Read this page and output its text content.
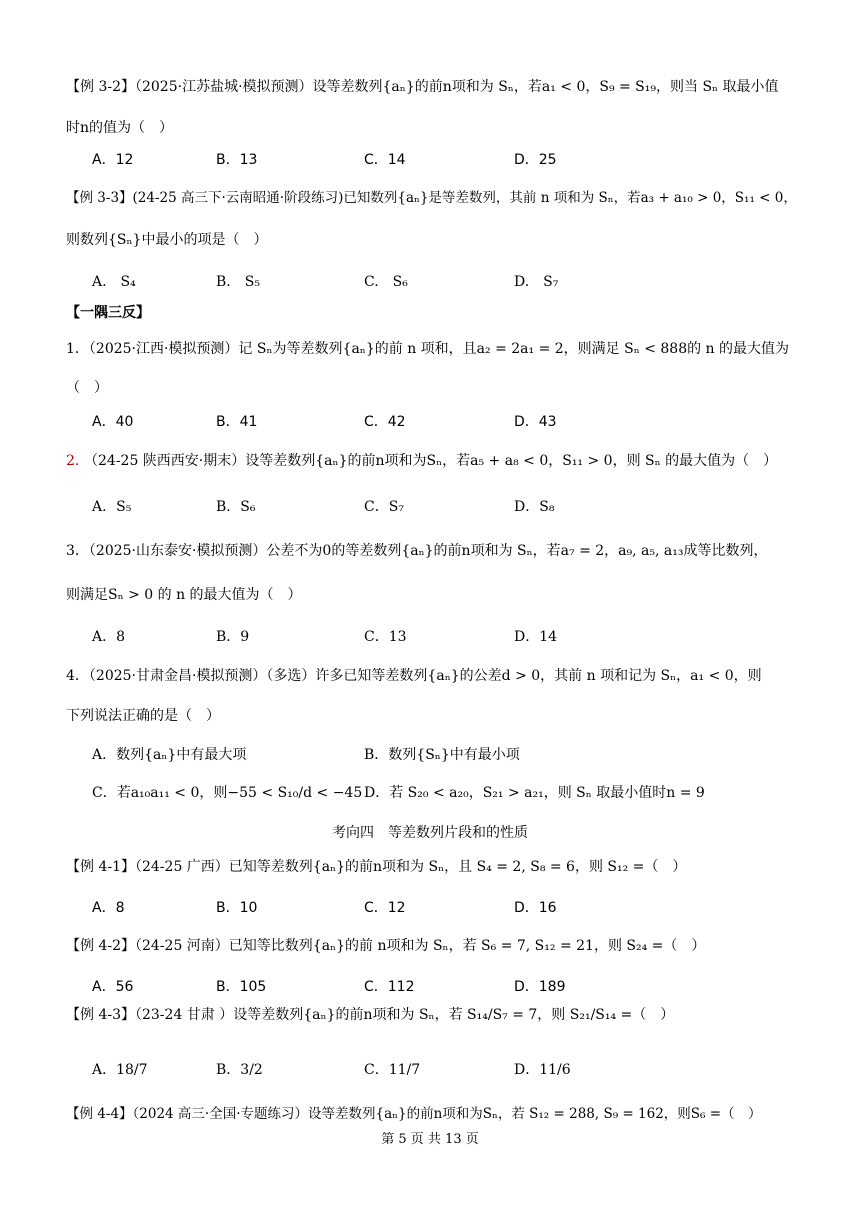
【例 3-2】（2025·江苏盐城·模拟预测）设等差数列{aₙ}的前n项和为 Sₙ，若a₁ < 0，S₉ = S₁₉，则当 Sₙ 取最小值
时n的值为（　）
A．12	B．13	C．14	D．25
【例 3-3】(24-25 高三下·云南昭通·阶段练习)已知数列{aₙ}是等差数列，其前 n 项和为 Sₙ，若a₃ + a₁₀ > 0，S₁₁ < 0，
则数列{Sₙ}中最小的项是（　）
A.　S₄	B.　S₅	C.　S₆	D.　S₇
【一隅三反】
1．（2025·江西·模拟预测）记 Sₙ为等差数列{aₙ}的前 n 项和，且a₂ = 2a₁ = 2，则满足 Sₙ < 888的 n 的最大值为
（　）
A．40	B．41	C．42	D．43
2. （24-25 陕西西安·期末）设等差数列{aₙ}的前n项和为Sₙ，若a₅ + a₈ < 0，S₁₁ > 0，则 Sₙ 的最大值为（　）
A．S₅	B．S₆	C．S₇	D．S₈
3．（2025·山东泰安·模拟预测）公差不为0的等差数列{aₙ}的前n项和为 Sₙ，若a₇ = 2，a₉, a₅, a₁₃成等比数列，
则满足Sₙ > 0 的 n 的最大值为（　）
A．8	B．9	C．13	D．14
4．（2025·甘肃金昌·模拟预测）（多选）许多已知等差数列{aₙ}的公差d > 0，其前 n 项和记为 Sₙ，a₁ < 0，则
下列说法正确的是（　）
A．数列{aₙ}中有最大项	B．数列{Sₙ}中有最小项
C．若a₁₀a₁₁ < 0，则−55 < S₁₀/d < −45 D．若 S₂₀ < a₂₀，S₂₁ > a₂₁，则 Sₙ 取最小值时n = 9
考向四　等差数列片段和的性质
【例 4-1】（24-25 广西）已知等差数列{aₙ}的前n项和为 Sₙ，且 S₄ = 2, S₈ = 6，则 S₁₂ =（　）
A．8	B．10	C．12	D．16
【例 4-2】（24-25 河南）已知等比数列{aₙ}的前 n项和为 Sₙ，若 S₆ = 7, S₁₂ = 21，则 S₂₄ =（　）
A．56	B．105	C．112	D．189
【例 4-3】（23-24 甘肃 ）设等差数列{aₙ}的前n项和为 Sₙ，若 S₁₄/S₇ = 7，则 S₂₁/S₁₄ =（　）
A．18/7	B．3/2	C．11/7	D．11/6
【例 4-4】（2024 高三·全国·专题练习）设等差数列{aₙ}的前n项和为Sₙ，若 S₁₂ = 288, S₉ = 162，则S₆ =（　）
第 5 页 共 13 页
